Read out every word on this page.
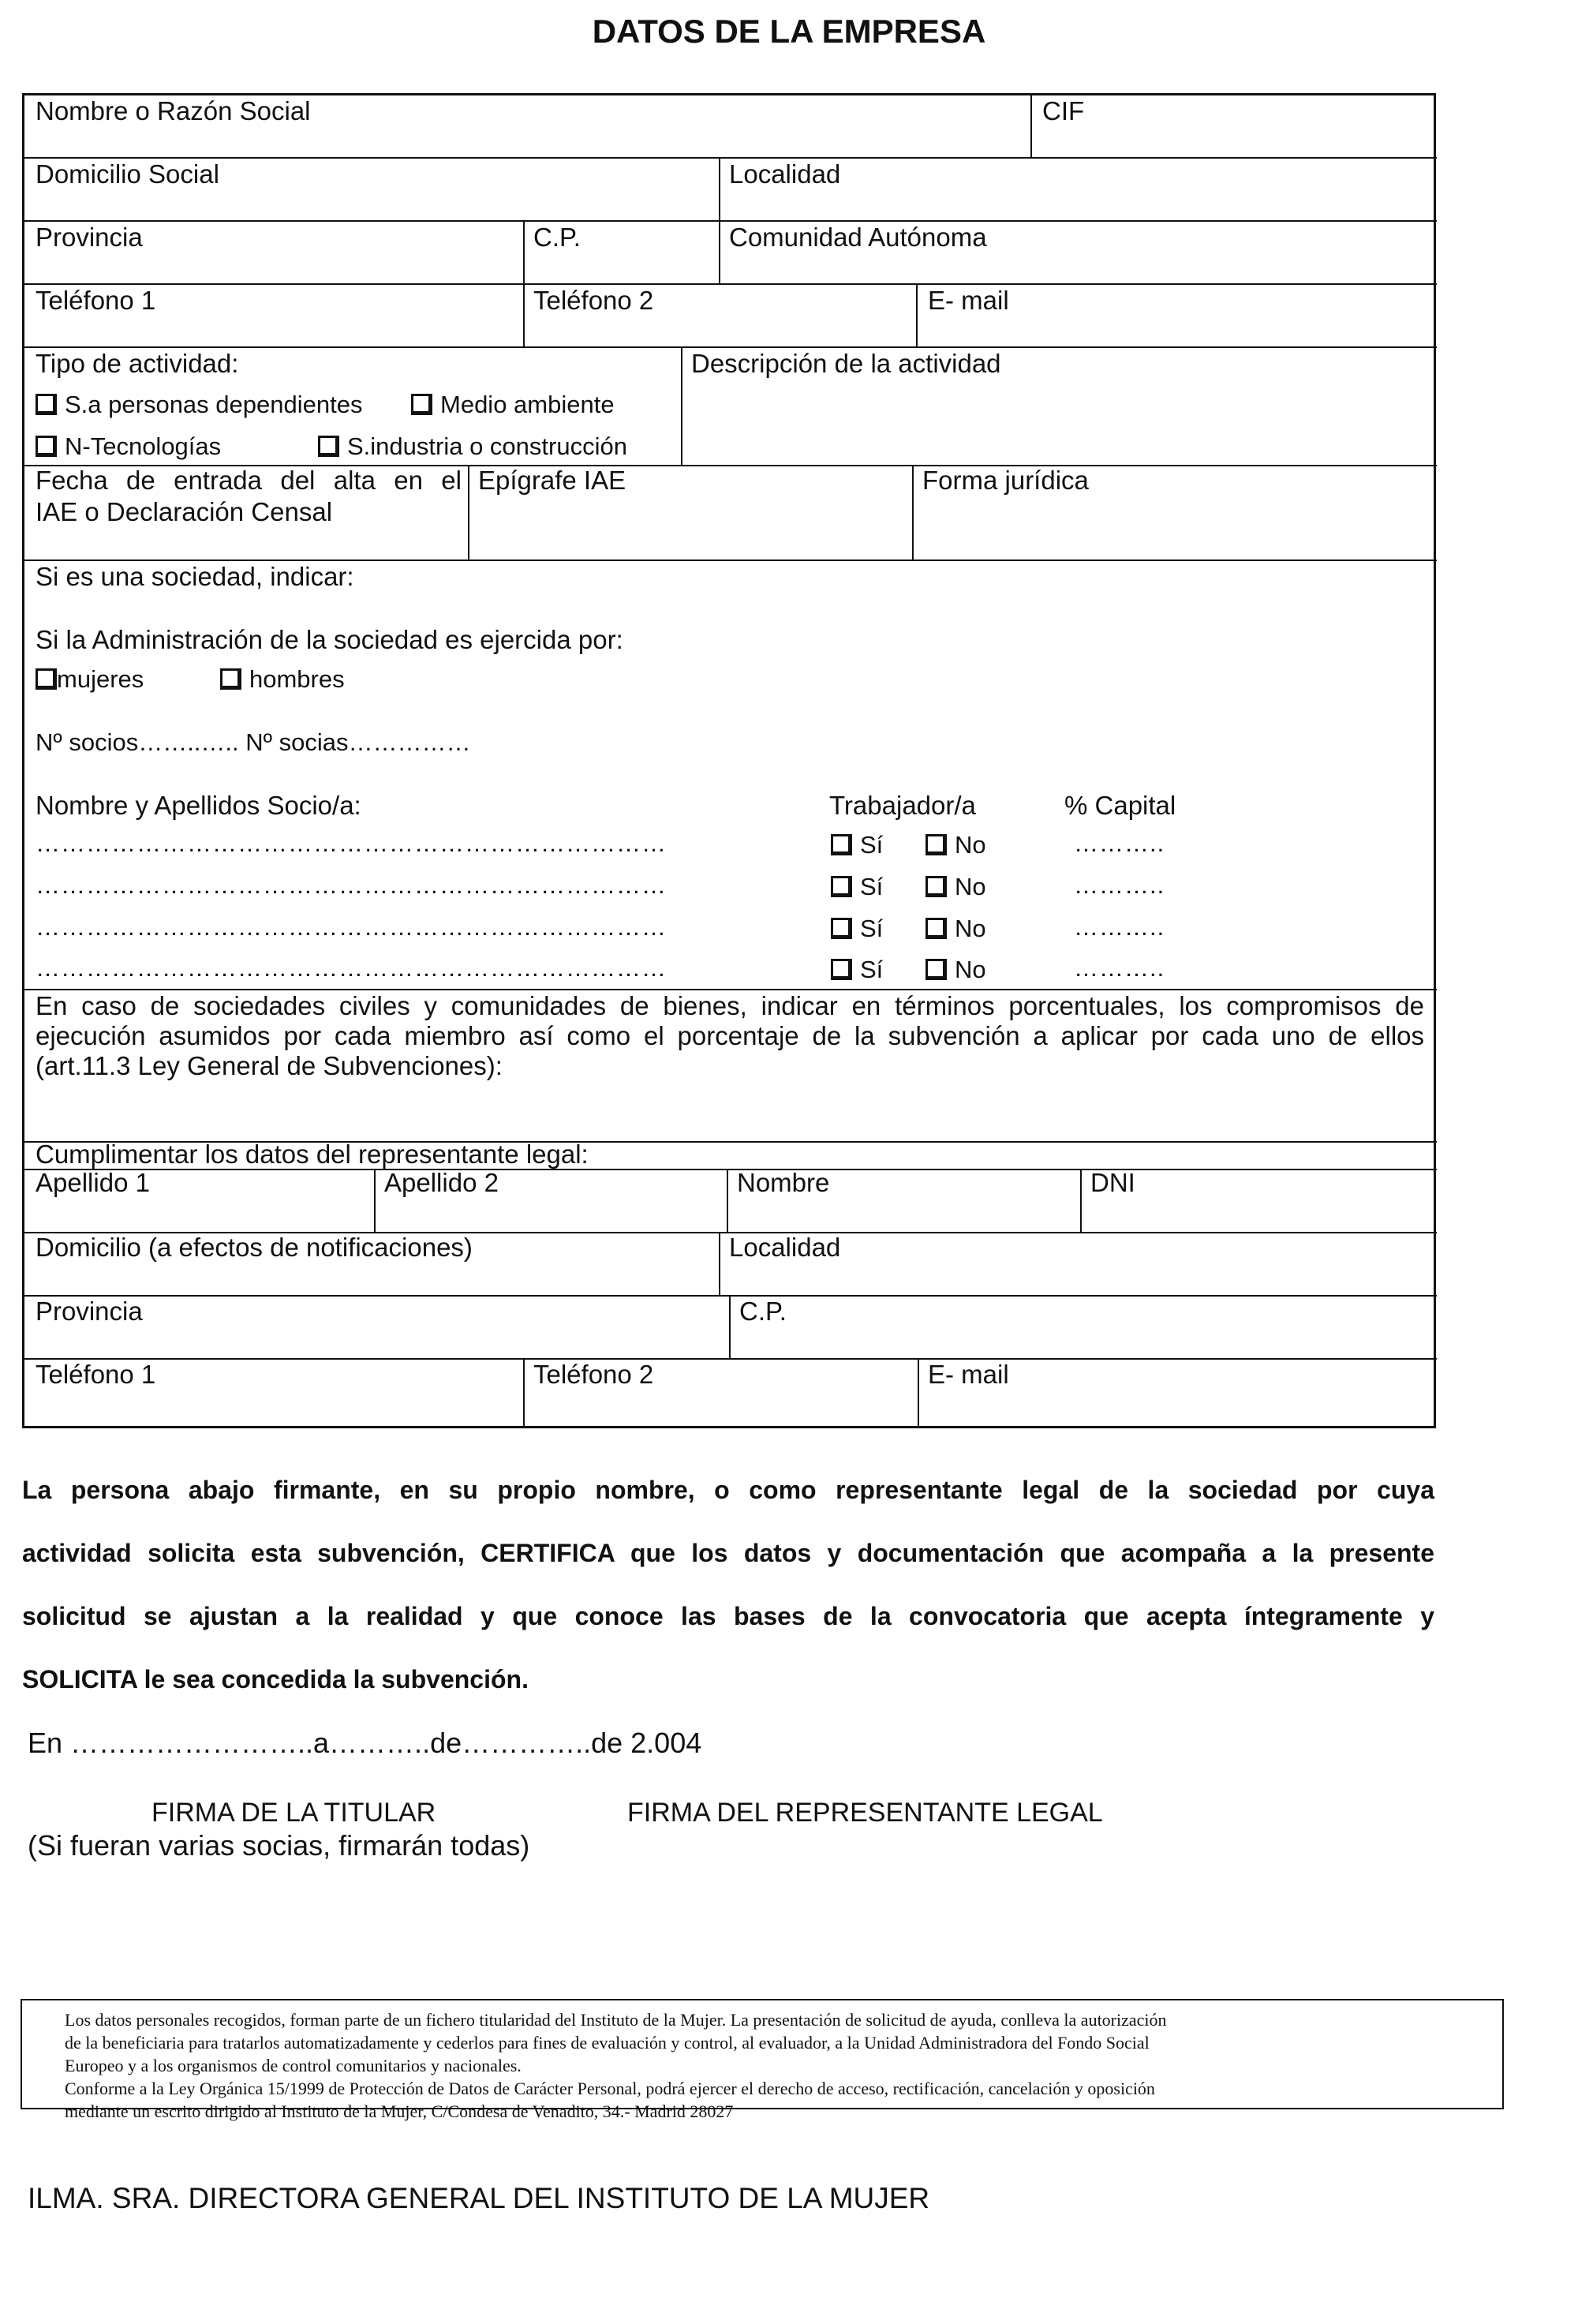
DATOS DE LA EMPRESA
Nombre o Razón Social	CIF
Domicilio Social	Localidad
Provincia	C.P.	Comunidad Autónoma
Teléfono 1	Teléfono 2	E- mail
Tipo de actividad:
S.a personas dependientes	Medio ambiente
N-Tecnologías	S.industria o construcción
Descripción de la actividad
Fecha de entrada del alta en el
IAE o Declaración Censal
Epígrafe IAE	Forma jurídica
Si es una sociedad, indicar:
Si la Administración de la sociedad es ejercida por:
mujeres	hombres
Nº socios……..….. Nº socias……………
Nombre y Apellidos Socio/a:	Trabajador/a	% Capital
…………………………………………………………………	Sí	No	………..
…………………………………………………………………	Sí	No	………..
…………………………………………………………………	Sí	No	………..
…………………………………………………………………	Sí	No	………..
En caso de sociedades civiles y comunidades de bienes, indicar en términos porcentuales, los compromisos de
ejecución asumidos por cada miembro así como el porcentaje de la subvención a aplicar por cada uno de ellos
(art.11.3 Ley General de Subvenciones):
Cumplimentar los datos del representante legal:
Apellido 1	Apellido 2	Nombre	DNI
Domicilio (a efectos de notificaciones)	Localidad
Provincia	C.P.
Teléfono 1	Teléfono 2	E- mail
La persona abajo firmante, en su propio nombre, o como representante legal de la sociedad por cuya
actividad solicita esta subvención, CERTIFICA que los datos y documentación que acompaña a la presente
solicitud se ajustan a la realidad y que conoce las bases de la convocatoria que acepta íntegramente y
SOLICITA le sea concedida la subvención.
En ……………………..a………..de…………..de 2.004
FIRMA DE LA TITULAR
(Si fueran varias socias, firmarán todas)
FIRMA DEL REPRESENTANTE LEGAL
Los datos personales recogidos, forman parte de un fichero titularidad del Instituto de la Mujer. La presentación de solicitud de ayuda, conlleva la autorización
de la beneficiaria para tratarlos automatizadamente y cederlos para fines de evaluación y control, al evaluador, a la Unidad Administradora del Fondo Social
Europeo y a los organismos de control comunitarios y nacionales.
Conforme a la Ley Orgánica 15/1999 de Protección de Datos de Carácter Personal, podrá ejercer el derecho de acceso, rectificación, cancelación y oposición
mediante un escrito dirigido al Instituto de la Mujer, C/Condesa de Venadito, 34.- Madrid 28027
ILMA. SRA. DIRECTORA GENERAL DEL INSTITUTO DE LA MUJER
